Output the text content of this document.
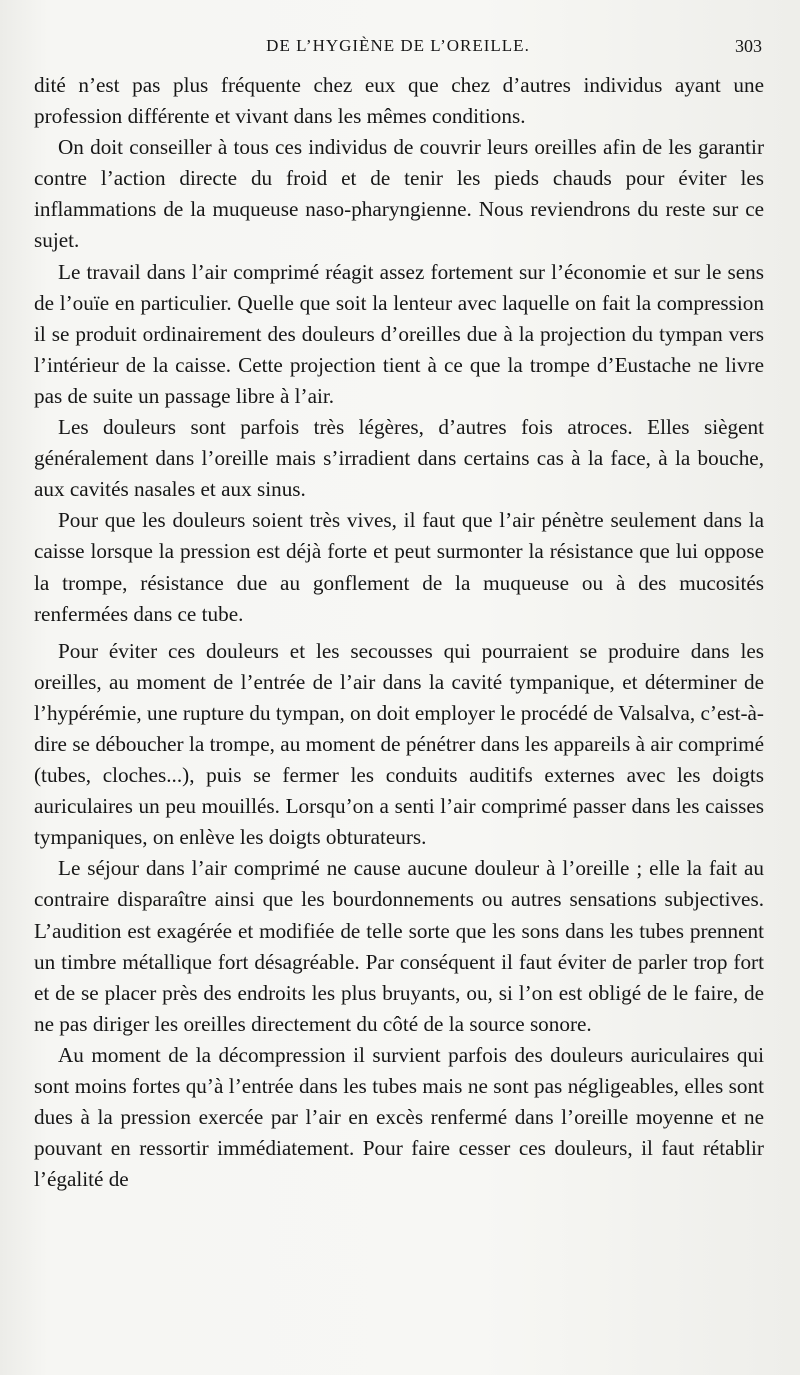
DE L’HYGIÈNE DE L’OREILLE.	303

dité n’est pas plus fréquente chez eux que chez d’autres individus ayant une profession différente et vivant dans les mêmes conditions.

On doit conseiller à tous ces individus de couvrir leurs oreilles afin de les garantir contre l’action directe du froid et de tenir les pieds chauds pour éviter les inflammations de la muqueuse naso-pharyngienne. Nous reviendrons du reste sur ce sujet.

Le travail dans l’air comprimé réagit assez fortement sur l’économie et sur le sens de l’ouïe en particulier. Quelle que soit la lenteur avec laquelle on fait la compression il se produit ordinairement des douleurs d’oreilles due à la projection du tympan vers l’intérieur de la caisse. Cette projection tient à ce que la trompe d’Eustache ne livre pas de suite un passage libre à l’air.

Les douleurs sont parfois très légères, d’autres fois atroces. Elles siègent généralement dans l’oreille mais s’irradient dans certains cas à la face, à la bouche, aux cavités nasales et aux sinus.

Pour que les douleurs soient très vives, il faut que l’air pénètre seulement dans la caisse lorsque la pression est déjà forte et peut surmonter la résistance que lui oppose la trompe, résistance due au gonflement de la muqueuse ou à des mucosités renfermées dans ce tube.

Pour éviter ces douleurs et les secousses qui pourraient se produire dans les oreilles, au moment de l’entrée de l’air dans la cavité tympanique, et déterminer de l’hypérémie, une rupture du tympan, on doit employer le procédé de Valsalva, c’est-à-dire se déboucher la trompe, au moment de pénétrer dans les appareils à air comprimé (tubes, cloches...), puis se fermer les conduits auditifs externes avec les doigts auriculaires un peu mouillés. Lorsqu’on a senti l’air comprimé passer dans les caisses tympaniques, on enlève les doigts obturateurs.

Le séjour dans l’air comprimé ne cause aucune douleur à l’oreille ; elle la fait au contraire disparaître ainsi que les bourdonnements ou autres sensations subjectives. L’audition est exagérée et modifiée de telle sorte que les sons dans les tubes prennent un timbre métallique fort désagréable. Par conséquent il faut éviter de parler trop fort et de se placer près des endroits les plus bruyants, ou, si l’on est obligé de le faire, de ne pas diriger les oreilles directement du côté de la source sonore.

Au moment de la décompression il survient parfois des douleurs auriculaires qui sont moins fortes qu’à l’entrée dans les tubes mais ne sont pas négligeables, elles sont dues à la pression exercée par l’air en excès renfermé dans l’oreille moyenne et ne pouvant en ressortir immédiatement. Pour faire cesser ces douleurs, il faut rétablir l’égalité de
